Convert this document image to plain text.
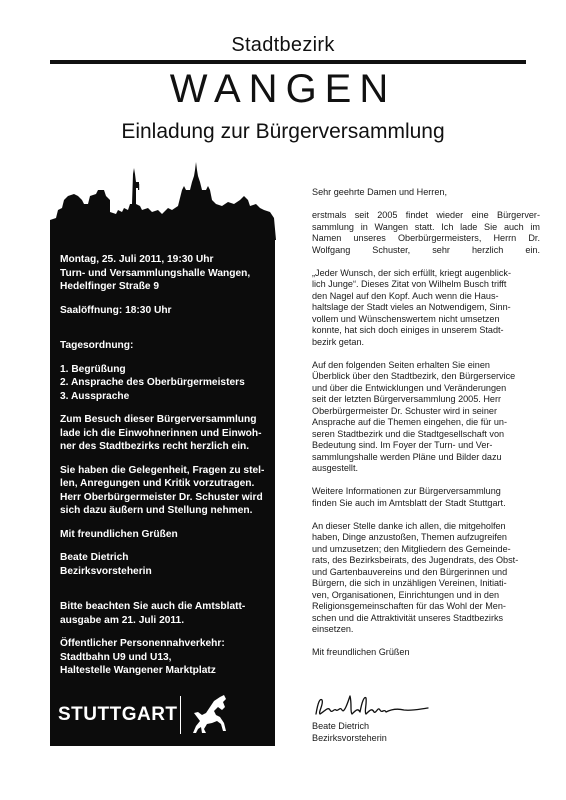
Stadtbezirk
WANGEN
Einladung zur Bürgerversammlung

Montag, 25. Juli 2011, 19:30 Uhr
Turn- und Versammlungshalle Wangen,
Hedelfinger Straße 9

Saalöffnung: 18:30 Uhr

Tagesordnung:

1. Begrüßung
2. Ansprache des Oberbürgermeisters
3. Aussprache

Zum Besuch dieser Bürgerversammlung
lade ich die Einwohnerinnen und Einwoh-
ner des Stadtbezirks recht herzlich ein.

Sie haben die Gelegenheit, Fragen zu stel-
len, Anregungen und Kritik vorzutragen.
Herr Oberbürgermeister Dr. Schuster wird
sich dazu äußern und Stellung nehmen.

Mit freundlichen Grüßen

Beate Dietrich
Bezirksvorsteherin

Bitte beachten Sie auch die Amtsblatt-
ausgabe am 21. Juli 2011.

Öffentlicher Personennahverkehr:
Stadtbahn U9 und U13,
Haltestelle Wangener Marktplatz

STUTTGART

Sehr geehrte Damen und Herren,

erstmals seit 2005 findet wieder eine Bürgerver-
sammlung in Wangen statt. Ich lade Sie auch im
Namen unseres Oberbürgermeisters, Herrn Dr.
Wolfgang Schuster, sehr herzlich ein.

„Jeder Wunsch, der sich erfüllt, kriegt augenblick-
lich Junge“. Dieses Zitat von Wilhelm Busch trifft
den Nagel auf den Kopf. Auch wenn die Haus-
haltslage der Stadt vieles an Notwendigem, Sinn-
vollem und Wünschenswertem nicht umsetzen
konnte, hat sich doch einiges in unserem Stadt-
bezirk getan.

Auf den folgenden Seiten erhalten Sie einen
Überblick über den Stadtbezirk, den Bürgerservice
und über die Entwicklungen und Veränderungen
seit der letzten Bürgerversammlung 2005. Herr
Oberbürgermeister Dr. Schuster wird in seiner
Ansprache auf die Themen eingehen, die für un-
seren Stadtbezirk und die Stadtgesellschaft von
Bedeutung sind. Im Foyer der Turn- und Ver-
sammlungshalle werden Pläne und Bilder dazu
ausgestellt.

Weitere Informationen zur Bürgerversammlung
finden Sie auch im Amtsblatt der Stadt Stuttgart.

An dieser Stelle danke ich allen, die mitgeholfen
haben, Dinge anzustoßen, Themen aufzugreifen
und umzusetzen; den Mitgliedern des Gemeinde-
rats, des Bezirksbeirats, des Jugendrats, des Obst-
und Gartenbauvereins und den Bürgerinnen und
Bürgern, die sich in unzähligen Vereinen, Initiati-
ven, Organisationen, Einrichtungen und in den
Religionsgemeinschaften für das Wohl der Men-
schen und die Attraktivität unseres Stadtbezirks
einsetzen.

Mit freundlichen Grüßen

Beate Dietrich
Bezirksvorsteherin
